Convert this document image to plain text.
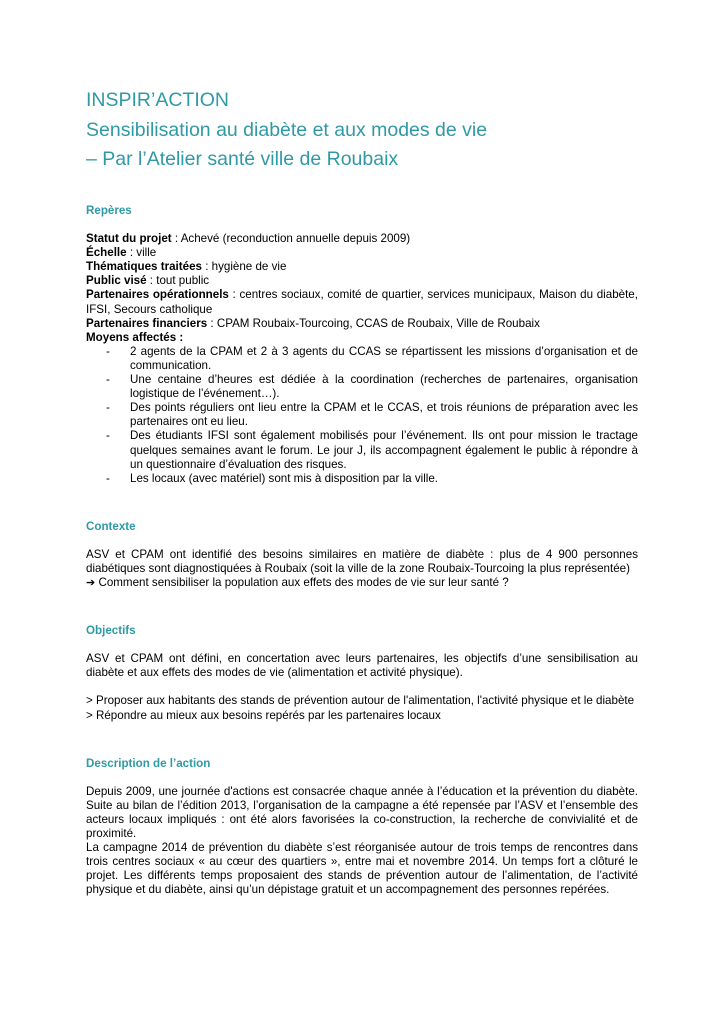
INSPIR’ACTION
Sensibilisation au diabète et aux modes de vie
– Par l’Atelier santé ville de Roubaix
Repères

Statut du projet : Achevé (reconduction annuelle depuis 2009)

Échelle : ville

Thématiques traitées : hygiène de vie

Public visé : tout public

Partenaires opérationnels : centres sociaux, comité de quartier, services municipaux, Maison du diabète, IFSI, Secours catholique

Partenaires financiers : CPAM Roubaix-Tourcoing, CCAS de Roubaix, Ville de Roubaix

Moyens affectés :

- 2 agents de la CPAM et 2 à 3 agents du CCAS se répartissent les missions d’organisation et de communication.
- Une centaine d’heures est dédiée à la coordination (recherches de partenaires, organisation logistique de l’événement…).
- Des points réguliers ont lieu entre la CPAM et le CCAS, et trois réunions de préparation avec les partenaires ont eu lieu.
- Des étudiants IFSI sont également mobilisés pour l’événement. Ils ont pour mission le tractage quelques semaines avant le forum. Le jour J, ils accompagnent également le public à répondre à un questionnaire d’évaluation des risques.
- Les locaux (avec matériel) sont mis à disposition par la ville.
Contexte

ASV et CPAM ont identifié des besoins similaires en matière de diabète : plus de 4 900 personnes diabétiques sont diagnostiquées à Roubaix (soit la ville de la zone Roubaix-Tourcoing la plus représentée)

➔ Comment sensibiliser la population aux effets des modes de vie sur leur santé ?

Objectifs

ASV et CPAM ont défini, en concertation avec leurs partenaires, les objectifs d’une sensibilisation au diabète et aux effets des modes de vie (alimentation et activité physique).

> Proposer aux habitants des stands de prévention autour de l'alimentation, l'activité physique et le diabète

> Répondre au mieux aux besoins repérés par les partenaires locaux

Description de l’action

Depuis 2009, une journée d'actions est consacrée chaque année à l’éducation et la prévention du diabète. Suite au bilan de l’édition 2013, l’organisation de la campagne a été repensée par l’ASV et l’ensemble des acteurs locaux impliqués : ont été alors favorisées la co-construction, la recherche de convivialité et de proximité.

La campagne 2014 de prévention du diabète s’est réorganisée autour de trois temps de rencontres dans trois centres sociaux « au cœur des quartiers », entre mai et novembre 2014. Un temps fort a clôturé le projet. Les différents temps proposaient des stands de prévention autour de l’alimentation, de l’activité physique et du diabète, ainsi qu’un dépistage gratuit et un accompagnement des personnes repérées.
